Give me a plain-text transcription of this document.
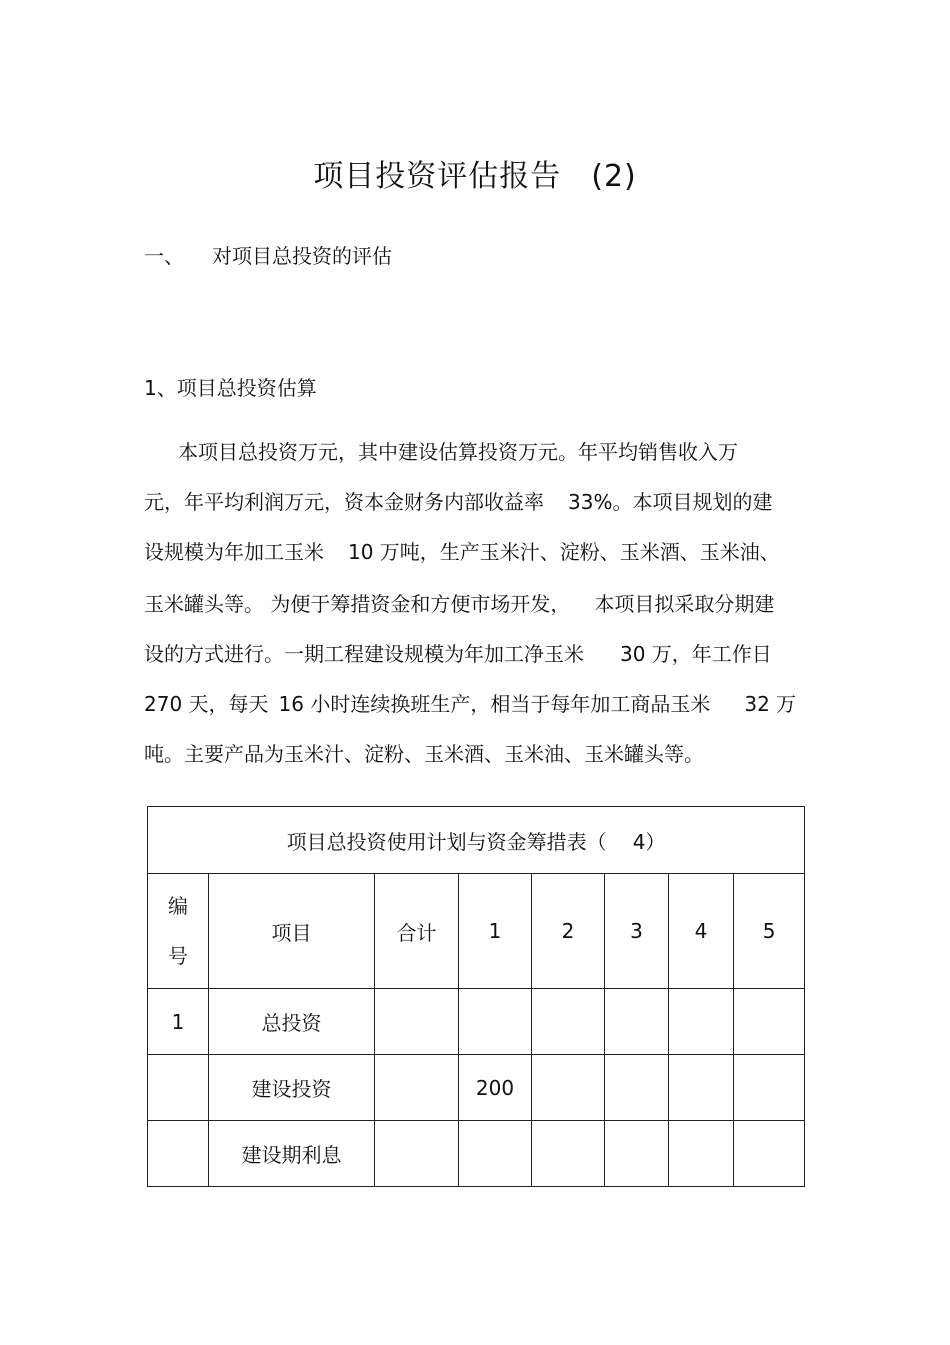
项目投资评估报告 (2)
一、 对项目总投资的评估
1、项目总投资估算
本项目总投资万元，其中建设估算投资万元。年平均销售收入万
元，年平均利润万元，资本金财务内部收益率 33%。本项目规划的建
设规模为年加工玉米 10 万吨，生产玉米汁、淀粉、玉米酒、玉米油、
玉米罐头等。 为便于筹措资金和方便市场开发， 本项目拟采取分期建
设的方式进行。一期工程建设规模为年加工净玉米 30 万，年工作日
270 天，每天 16 小时连续换班生产，相当于每年加工商品玉米 32 万
吨。主要产品为玉米汁、淀粉、玉米酒、玉米油、玉米罐头等。
项目总投资使用计划与资金筹措表（ 4）							

编
号	项目	合计	1	2	3	4	5
1	总投资						
	建设投资		200				
	建设期利息						
